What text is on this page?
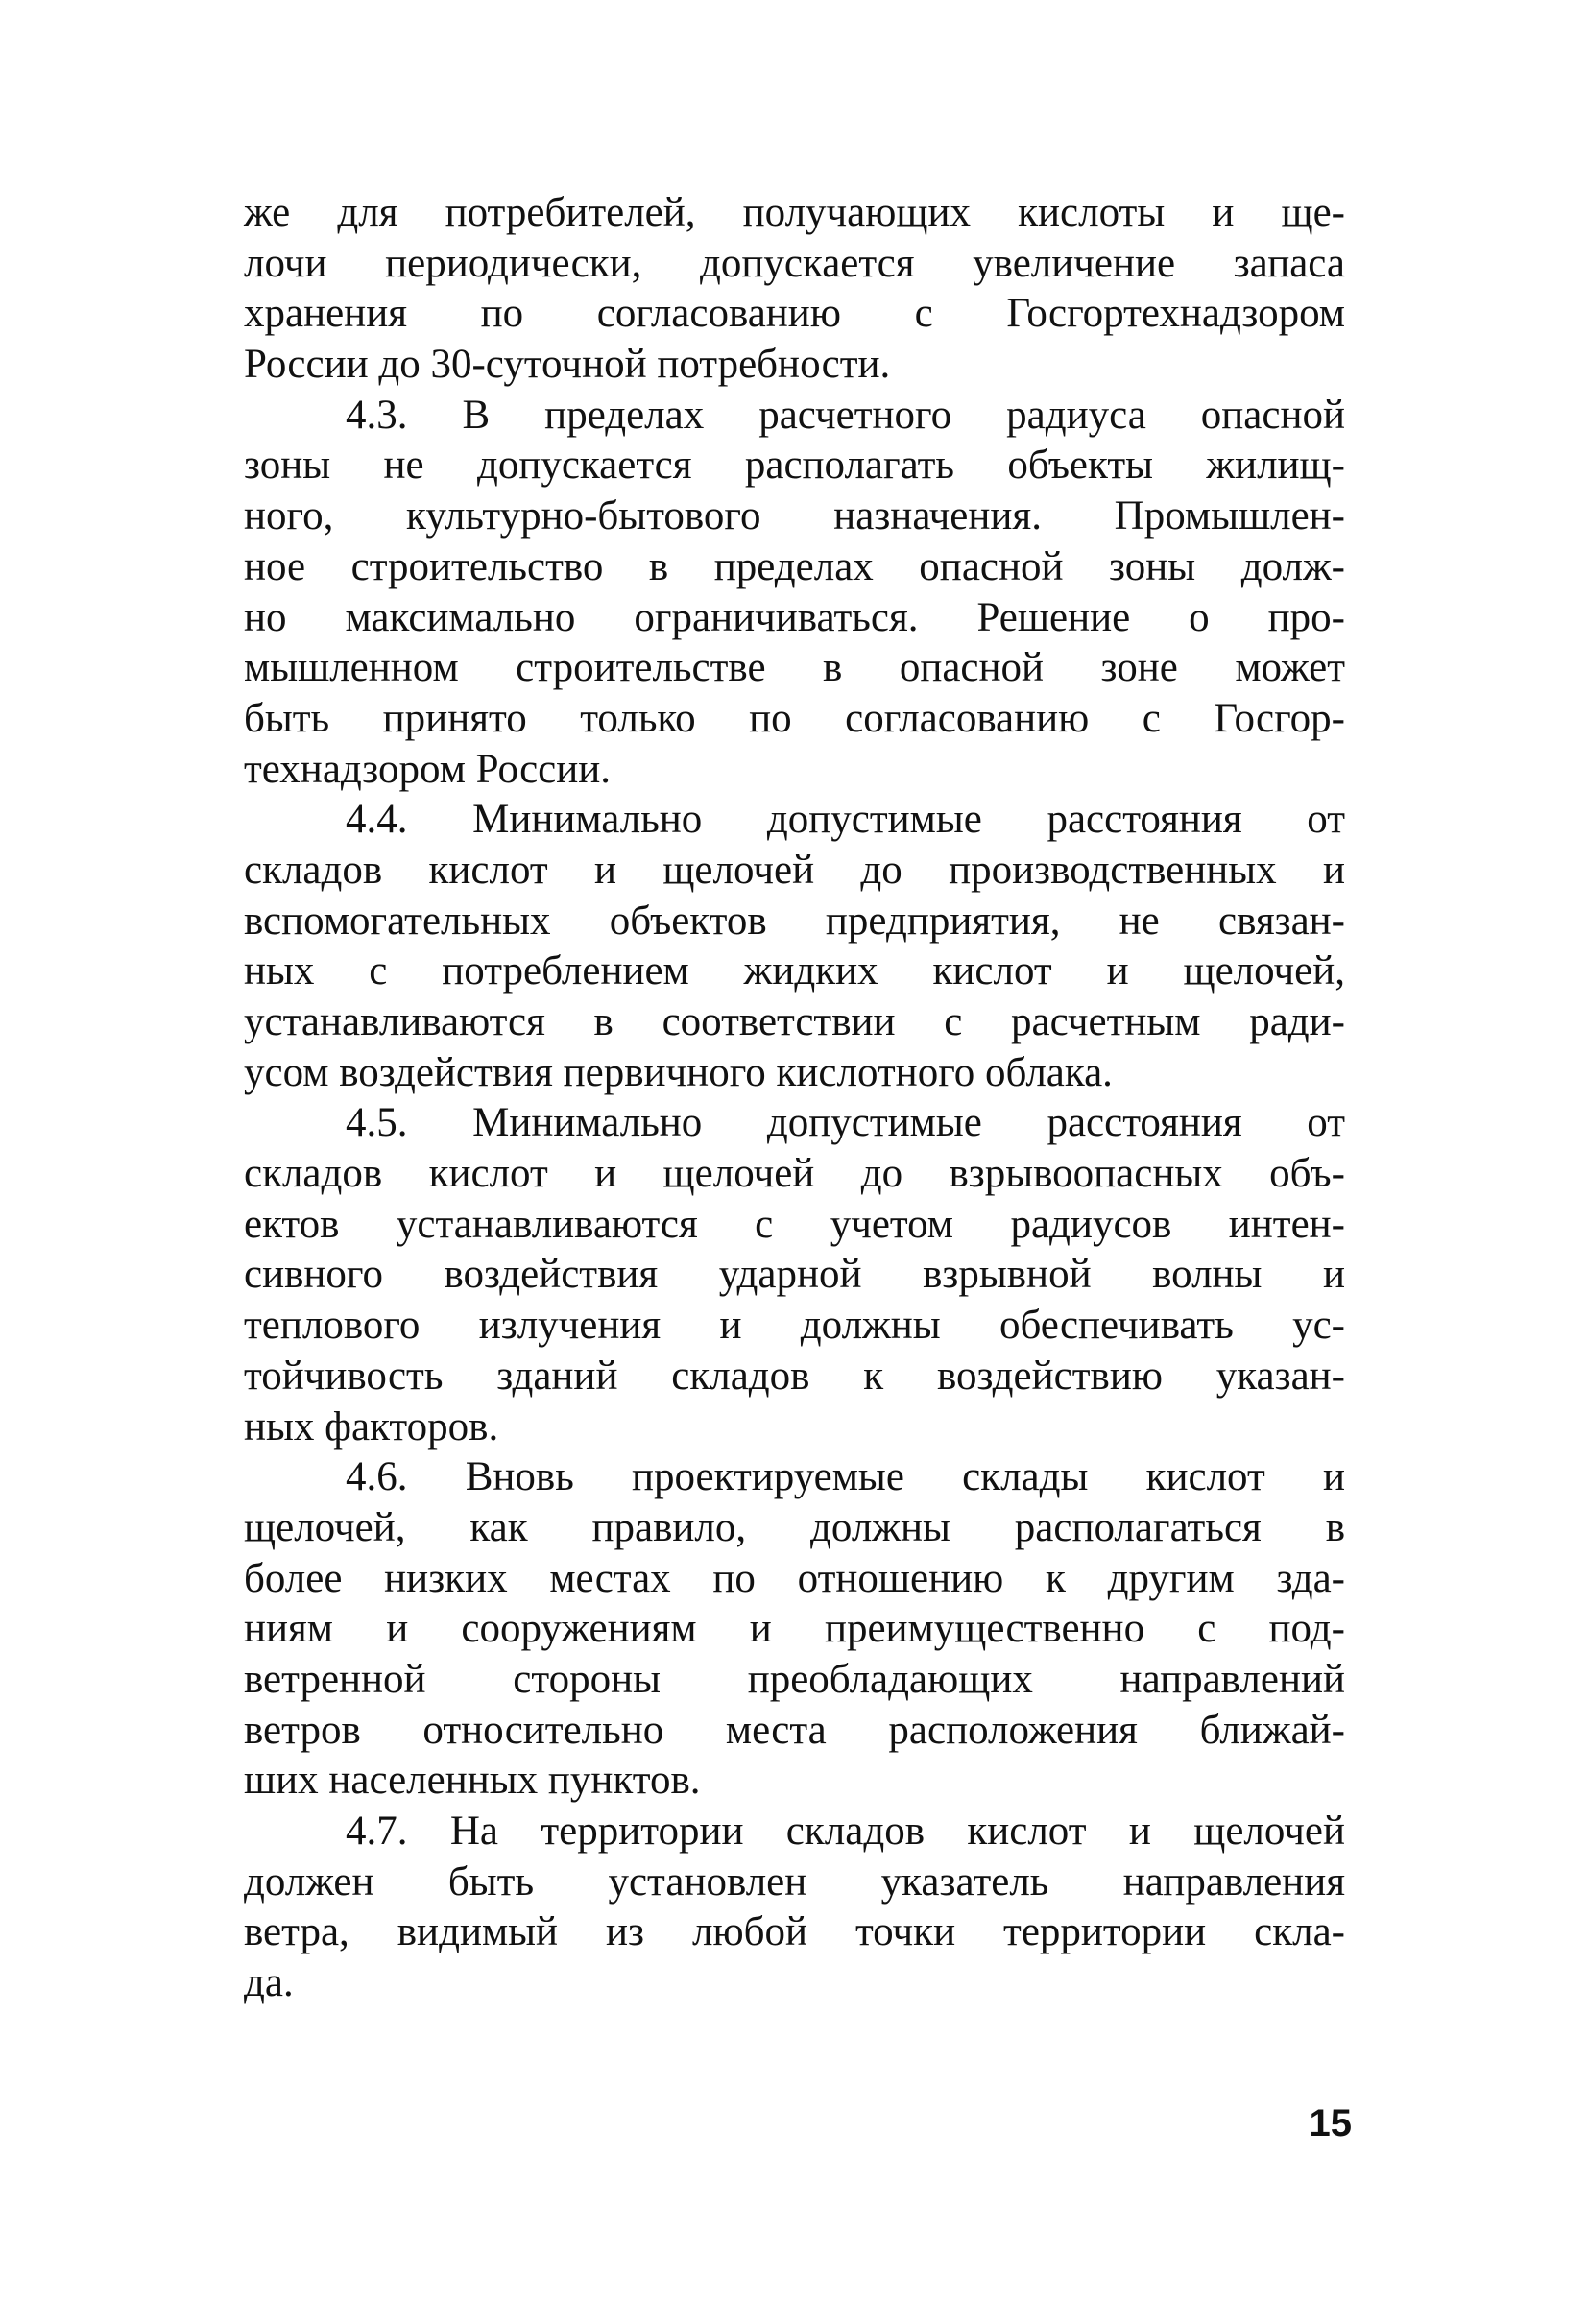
же для потребителей, получающих кислоты и ще-
лочи периодически, допускается увеличение запаса
хранения по согласованию с Госгортехнадзором
России до 30-суточной потребности.

4.3. В пределах расчетного радиуса опасной
зоны не допускается располагать объекты жилищ-
ного, культурно-бытового назначения. Промышлен-
ное строительство в пределах опасной зоны долж-
но максимально ограничиваться. Решение о про-
мышленном строительстве в опасной зоне может
быть принято только по согласованию с Госгор-
технадзором России.

4.4. Минимально допустимые расстояния от
складов кислот и щелочей до производственных и
вспомогательных объектов предприятия, не связан-
ных с потреблением жидких кислот и щелочей,
устанавливаются в соответствии с расчетным ради-
усом воздействия первичного кислотного облака.

4.5. Минимально допустимые расстояния от
складов кислот и щелочей до взрывоопасных объ-
ектов устанавливаются с учетом радиусов интен-
сивного воздействия ударной взрывной волны и
теплового излучения и должны обеспечивать ус-
тойчивость зданий складов к воздействию указан-
ных факторов.

4.6. Вновь проектируемые склады кислот и
щелочей, как правило, должны располагаться в
более низких местах по отношению к другим зда-
ниям и сооружениям и преимущественно с под-
ветренной стороны преобладающих направлений
ветров относительно места расположения ближай-
ших населенных пунктов.

4.7. На территории складов кислот и щелочей
должен быть установлен указатель направления
ветра, видимый из любой точки территории скла-
да.

15
